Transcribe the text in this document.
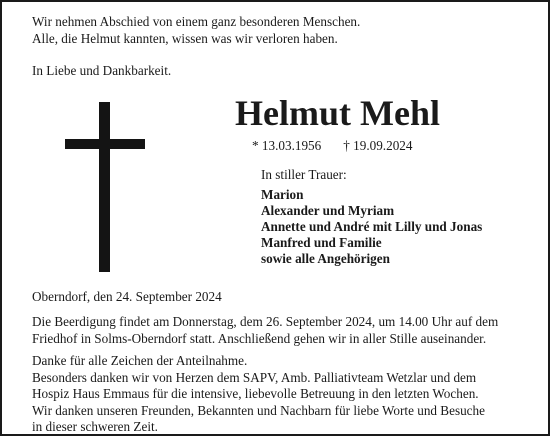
Wir nehmen Abschied von einem ganz besonderen Menschen.
Alle, die Helmut kannten, wissen was wir verloren haben.

In Liebe und Dankbarkeit.

Helmut Mehl
* 13.03.1956 † 19.09.2024
In stiller Trauer:
Marion
Alexander und Myriam
Annette und André mit Lilly und Jonas
Manfred und Familie
sowie alle Angehörigen

Oberndorf, den 24. September 2024

Die Beerdigung findet am Donnerstag, dem 26. September 2024, um 14.00 Uhr auf dem
Friedhof in Solms-Oberndorf statt. Anschließend gehen wir in aller Stille auseinander.

Danke für alle Zeichen der Anteilnahme.
Besonders danken wir von Herzen dem SAPV, Amb. Palliativteam Wetzlar und dem
Hospiz Haus Emmaus für die intensive, liebevolle Betreuung in den letzten Wochen.
Wir danken unseren Freunden, Bekannten und Nachbarn für liebe Worte und Besuche
in dieser schweren Zeit.
